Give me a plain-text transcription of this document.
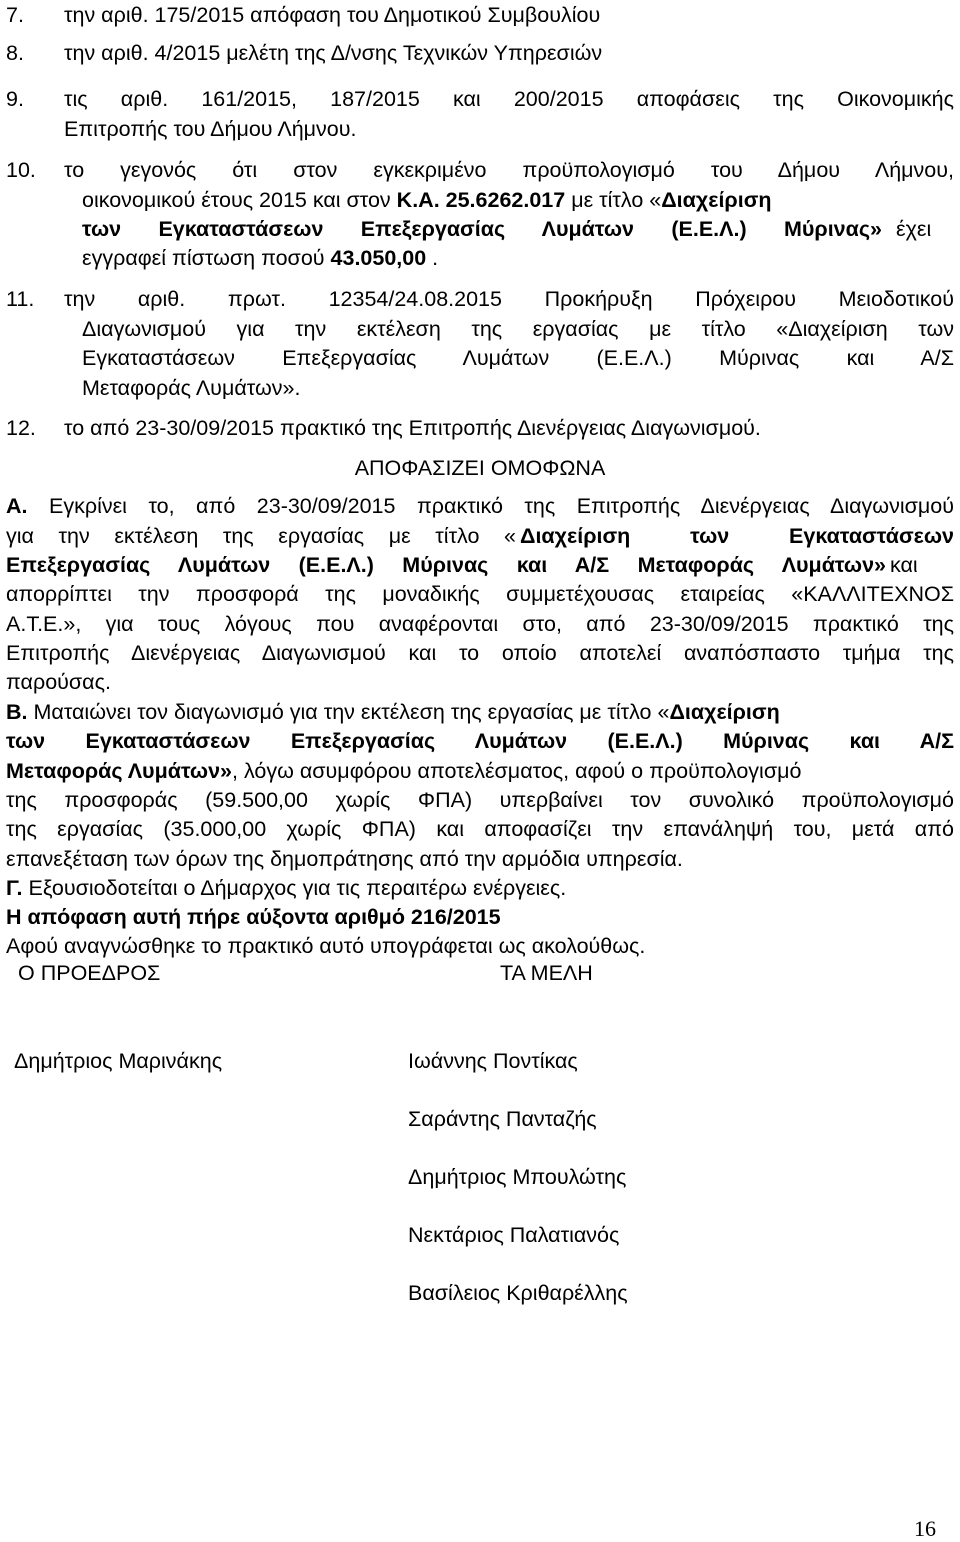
7.	την αριθ. 175/2015 απόφαση του Δημοτικού Συμβουλίου
8.	την αριθ. 4/2015 μελέτη της Δ/νσης Τεχνικών Υπηρεσιών
9.	τις αριθ. 161/2015, 187/2015 και 200/2015 αποφάσεις της Οικονομικής
Επιτροπής του Δήμου Λήμνου.
10.	το γεγονός ότι στον εγκεκριμένο προϋπολογισμό του Δήμου Λήμνου,
οικονομικού έτους 2015 και στον Κ.Α. 25.6262.017 με τίτλο «Διαχείριση
των Εγκαταστάσεων Επεξεργασίας Λυμάτων (Ε.Ε.Λ.) Μύρινας» έχει
εγγραφεί πίστωση ποσού 43.050,00 .
11.	την αριθ. πρωτ. 12354/24.08.2015 Προκήρυξη Πρόχειρου Μειοδοτικού
Διαγωνισμού για την εκτέλεση της εργασίας με τίτλο «Διαχείριση των
Εγκαταστάσεων Επεξεργασίας Λυμάτων (Ε.Ε.Λ.) Μύρινας και Α/Σ
Μεταφοράς Λυμάτων».
12.	το από 23-30/09/2015 πρακτικό της Επιτροπής Διενέργειας Διαγωνισμού.
ΑΠΟΦΑΣΙΖΕΙ ΟΜΟΦΩΝΑ
Α. Εγκρίνει το, από 23-30/09/2015 πρακτικό της Επιτροπής Διενέργειας Διαγωνισμού
για την εκτέλεση της εργασίας με τίτλο « Διαχείριση των Εγκαταστάσεων
Επεξεργασίας Λυμάτων (Ε.Ε.Λ.) Μύρινας και Α/Σ Μεταφοράς Λυμάτων» και
απορρίπτει την προσφορά της μοναδικής συμμετέχουσας εταιρείας «ΚΑΛΛΙΤΕΧΝΟΣ
Α.Τ.Ε.», για τους λόγους που αναφέρονται στο, από 23-30/09/2015 πρακτικό της
Επιτροπής Διενέργειας Διαγωνισμού και το οποίο αποτελεί αναπόσπαστο τμήμα της
παρούσας.
Β. Ματαιώνει τον διαγωνισμό για την εκτέλεση της εργασίας με τίτλο «Διαχείριση
των Εγκαταστάσεων Επεξεργασίας Λυμάτων (Ε.Ε.Λ.) Μύρινας και Α/Σ
Μεταφοράς Λυμάτων», λόγω ασυμφόρου αποτελέσματος, αφού ο προϋπολογισμό
της προσφοράς (59.500,00 χωρίς ΦΠΑ) υπερβαίνει τον συνολικό προϋπολογισμό
της εργασίας (35.000,00 χωρίς ΦΠΑ) και αποφασίζει την επανάληψή του, μετά από
επανεξέταση των όρων της δημοπράτησης από την αρμόδια υπηρεσία.
Γ. Εξουσιοδοτείται ο Δήμαρχος για τις περαιτέρω ενέργειες.
Η απόφαση αυτή πήρε αύξοντα αριθμό 216/2015
Αφού αναγνώσθηκε το πρακτικό αυτό υπογράφεται ως ακολούθως.
Ο ΠΡΟΕΔΡΟΣ	ΤΑ ΜΕΛΗ
Δημήτριος Μαρινάκης	Ιωάννης Ποντίκας
Σαράντης Πανταζής
Δημήτριος Μπουλώτης
Νεκτάριος Παλατιανός
Βασίλειος Κριθαρέλλης
16
